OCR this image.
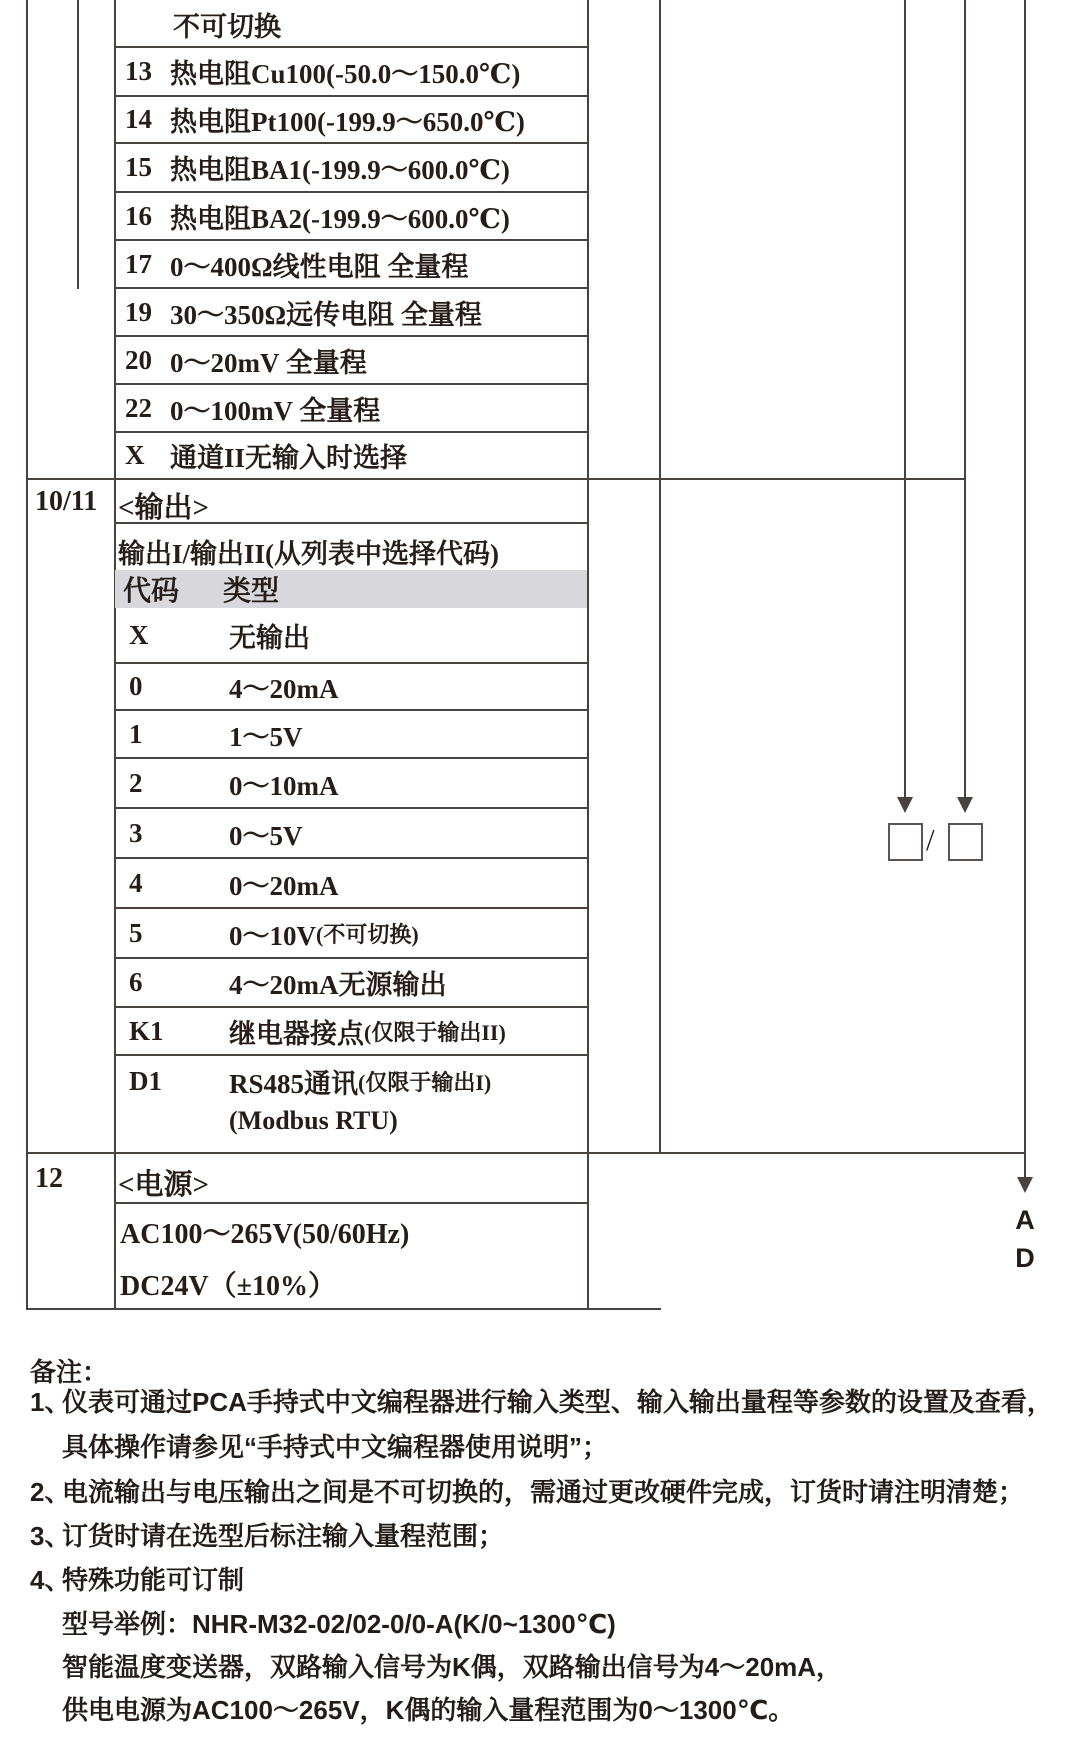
不可切换
13 热电阻Cu100(-50.0～150.0℃)
14 热电阻Pt100(-199.9～650.0℃)
15 热电阻BA1(-199.9～600.0℃)
16 热电阻BA2(-199.9～600.0℃)
17 0～400Ω线性电阻 全量程
19 30～350Ω远传电阻 全量程
20 0～20mV 全量程
22 0～100mV 全量程
X 通道II无输入时选择
10/11 <输出>
输出I/输出II(从列表中选择代码)
代码	类型
X	无输出
0	4～20mA
1	1～5V
2	0～10mA
3	0～5V
4	0～20mA
5	0～10V (不可切换)
6	4～20mA无源输出
K1	继电器接点 (仅限于输出II)
D1	RS485通讯 (仅限于输出I)
(Modbus RTU)
12	<电源>
AC100～265V(50/60Hz)
DC24V（±10%）
/
A
D
备注：
1、
仪表可通过PCA手持式中文编程器进行输入类型、输入输出量程等参数的设置及查看，
具体操作请参见“手持式中文编程器使用说明”；
2、
电流输出与电压输出之间是不可切换的，需通过更改硬件完成，订货时请注明清楚；
3、
订货时请在选型后标注输入量程范围；
4、
特殊功能可订制
型号举例：NHR-M32-02/02-0/0-A(K/0~1300℃)
智能温度变送器，双路输入信号为K偶，双路输出信号为4～20mA，
供电电源为AC100～265V，K偶的输入量程范围为0～1300℃。
